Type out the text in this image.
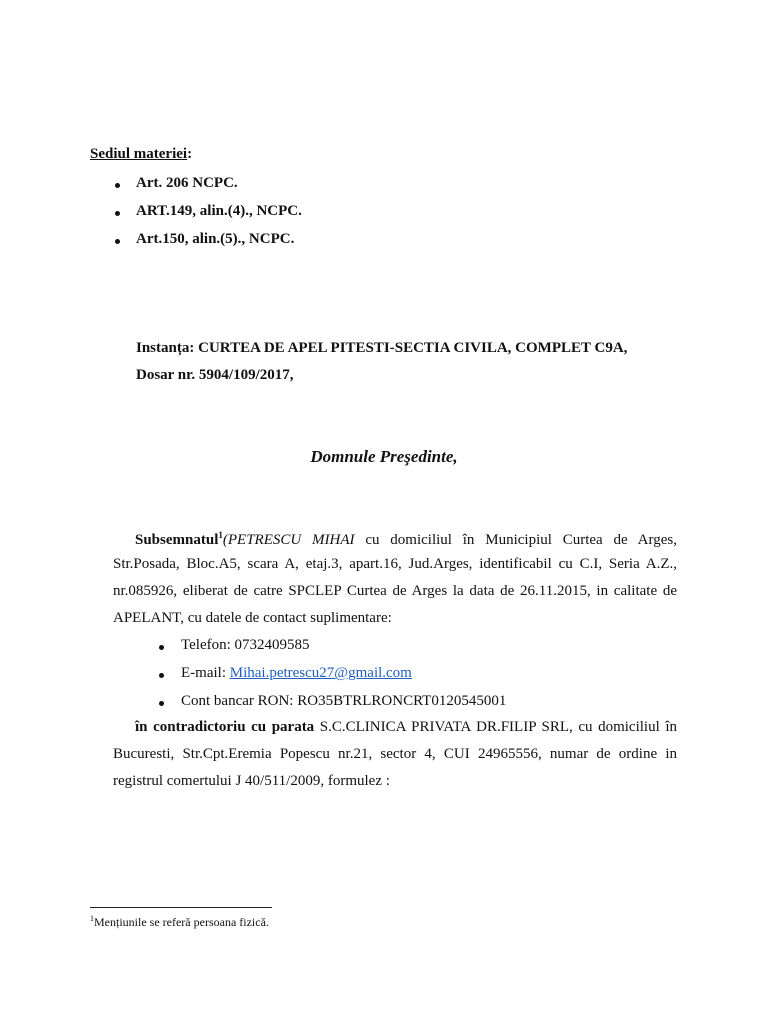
Sediul materiei:
Art. 206 NCPC.
ART.149, alin.(4)., NCPC.
Art.150, alin.(5)., NCPC.
Instanța: CURTEA DE APEL PITESTI-SECTIA CIVILA, COMPLET C9A,
Dosar nr. 5904/109/2017,
Domnule Preşedinte,
Subsemnatul$^1$(PETRESCU MIHAI cu domiciliul în Municipiul Curtea de Arges,
Str.Posada, Bloc.A5, scara A, etaj.3, apart.16, Jud.Arges, identificabil cu C.I, Seria A.Z.,
nr.085926, eliberat de catre SPCLEP Curtea de Arges la data de 26.11.2015, in calitate de
APELANT, cu datele de contact suplimentare:
Telefon: 0732409585
E-mail: Mihai.petrescu27@gmail.com
Cont bancar RON: RO35BTRLRONCRT0120545001
în contradictoriu cu parata S.C.CLINICA PRIVATA DR.FILIP SRL, cu domiciliul în
Bucuresti, Str.Cpt.Eremia Popescu nr.21, sector 4, CUI 24965556, numar de ordine in
registrul comertului J 40/511/2009, formulez :
$^1$Mențiunile se referă persoana fizică.
